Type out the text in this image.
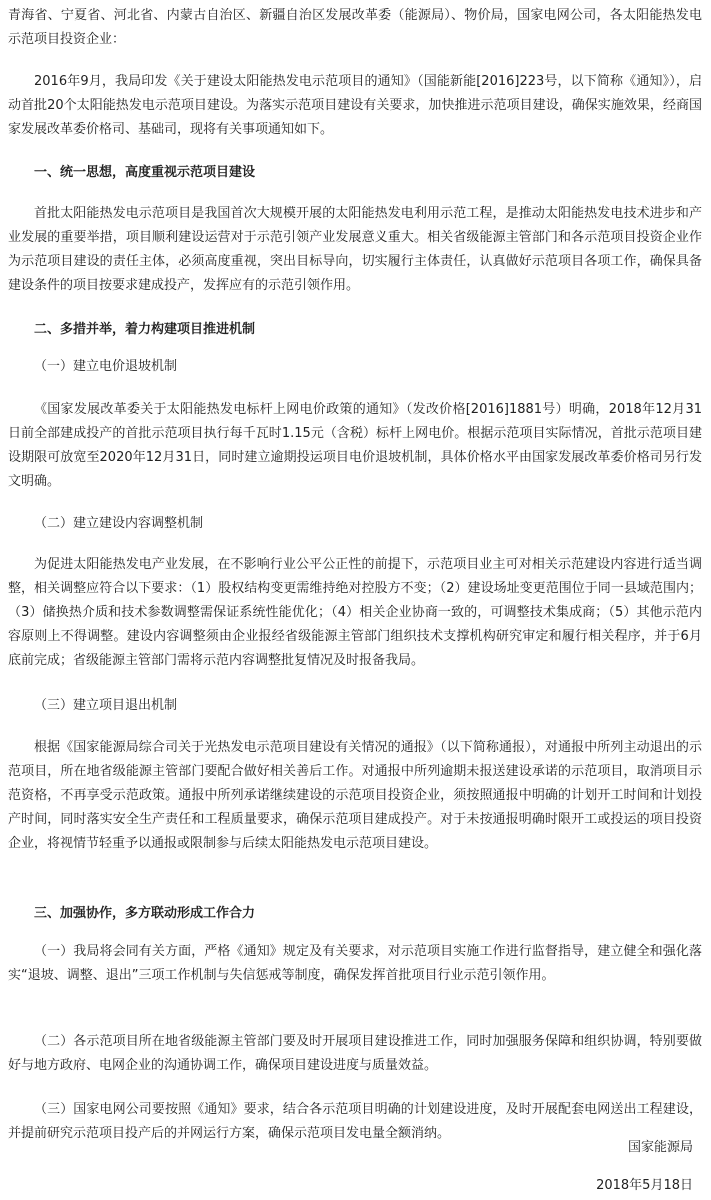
青海省、宁夏省、河北省、内蒙古自治区、新疆自治区发展改革委（能源局）、物价局，国家电网公司，各太阳能热发电示范项目投资企业：

2016年9月，我局印发《关于建设太阳能热发电示范项目的通知》（国能新能[2016]223号，以下简称《通知》），启动首批20个太阳能热发电示范项目建设。为落实示范项目建设有关要求，加快推进示范项目建设，确保实施效果，经商国家发展改革委价格司、基础司，现将有关事项通知如下。

一、统一思想，高度重视示范项目建设

首批太阳能热发电示范项目是我国首次大规模开展的太阳能热发电利用示范工程，是推动太阳能热发电技术进步和产业发展的重要举措，项目顺利建设运营对于示范引领产业发展意义重大。相关省级能源主管部门和各示范项目投资企业作为示范项目建设的责任主体，必须高度重视，突出目标导向，切实履行主体责任，认真做好示范项目各项工作，确保具备建设条件的项目按要求建成投产，发挥应有的示范引领作用。

二、多措并举，着力构建项目推进机制

（一）建立电价退坡机制

《国家发展改革委关于太阳能热发电标杆上网电价政策的通知》（发改价格[2016]1881号）明确，2018年12月31日前全部建成投产的首批示范项目执行每千瓦时1.15元（含税）标杆上网电价。根据示范项目实际情况，首批示范项目建设期限可放宽至2020年12月31日，同时建立逾期投运项目电价退坡机制，具体价格水平由国家发展改革委价格司另行发文明确。

（二）建立建设内容调整机制

为促进太阳能热发电产业发展，在不影响行业公平公正性的前提下，示范项目业主可对相关示范建设内容进行适当调整，相关调整应符合以下要求：（1）股权结构变更需维持绝对控股方不变；（2）建设场址变更范围位于同一县域范围内；（3）储换热介质和技术参数调整需保证系统性能优化；（4）相关企业协商一致的，可调整技术集成商；（5）其他示范内容原则上不得调整。建设内容调整须由企业报经省级能源主管部门组织技术支撑机构研究审定和履行相关程序，并于6月底前完成；省级能源主管部门需将示范内容调整批复情况及时报备我局。

（三）建立项目退出机制

根据《国家能源局综合司关于光热发电示范项目建设有关情况的通报》（以下简称通报），对通报中所列主动退出的示范项目，所在地省级能源主管部门要配合做好相关善后工作。对通报中所列逾期未报送建设承诺的示范项目，取消项目示范资格，不再享受示范政策。通报中所列承诺继续建设的示范项目投资企业，须按照通报中明确的计划开工时间和计划投产时间，同时落实安全生产责任和工程质量要求，确保示范项目建成投产。对于未按通报明确时限开工或投运的项目投资企业，将视情节轻重予以通报或限制参与后续太阳能热发电示范项目建设。

三、加强协作，多方联动形成工作合力

（一）我局将会同有关方面，严格《通知》规定及有关要求，对示范项目实施工作进行监督指导，建立健全和强化落实“退坡、调整、退出”三项工作机制与失信惩戒等制度，确保发挥首批项目行业示范引领作用。

（二）各示范项目所在地省级能源主管部门要及时开展项目建设推进工作，同时加强服务保障和组织协调，特别要做好与地方政府、电网企业的沟通协调工作，确保项目建设进度与质量效益。

（三）国家电网公司要按照《通知》要求，结合各示范项目明确的计划建设进度，及时开展配套电网送出工程建设，并提前研究示范项目投产后的并网运行方案，确保示范项目发电量全额消纳。

国家能源局
2018年5月18日
